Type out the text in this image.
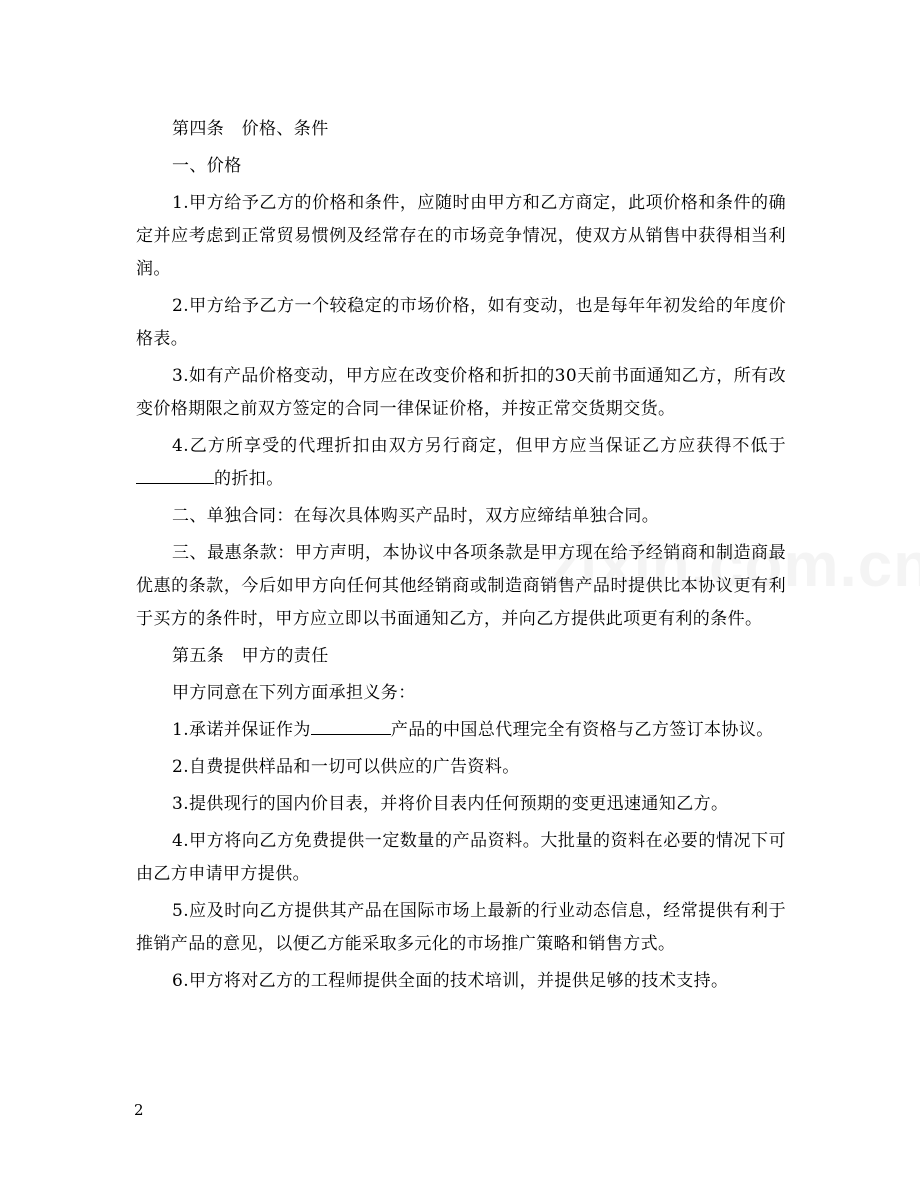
第四条　价格、条件

一、价格

1.甲方给予乙方的价格和条件，应随时由甲方和乙方商定，此项价格和条件的确定并应考虑到正常贸易惯例及经常存在的市场竞争情况，使双方从销售中获得相当利润。

2.甲方给予乙方一个较稳定的市场价格，如有变动，也是每年年初发给的年度价格表。

3.如有产品价格变动，甲方应在改变价格和折扣的30天前书面通知乙方，所有改变价格期限之前双方签定的合同一律保证价格，并按正常交货期交货。

4.乙方所享受的代理折扣由双方另行商定，但甲方应当保证乙方应获得不低于的折扣。

二、单独合同：在每次具体购买产品时，双方应缔结单独合同。

三、最惠条款：甲方声明，本协议中各项条款是甲方现在给予经销商和制造商最优惠的条款，今后如甲方向任何其他经销商或制造商销售产品时提供比本协议更有利于买方的条件时，甲方应立即以书面通知乙方，并向乙方提供此项更有利的条件。

第五条　甲方的责任

甲方同意在下列方面承担义务：

1.承诺并保证作为	产品的中国总代理完全有资格与乙方签订本协议。

2.自费提供样品和一切可以供应的广告资料。

3.提供现行的国内价目表，并将价目表内任何预期的变更迅速通知乙方。

4.甲方将向乙方免费提供一定数量的产品资料。大批量的资料在必要的情况下可由乙方申请甲方提供。

5.应及时向乙方提供其产品在国际市场上最新的行业动态信息，经常提供有利于推销产品的意见，以便乙方能采取多元化的市场推广策略和销售方式。

6.甲方将对乙方的工程师提供全面的技术培训，并提供足够的技术支持。

2
